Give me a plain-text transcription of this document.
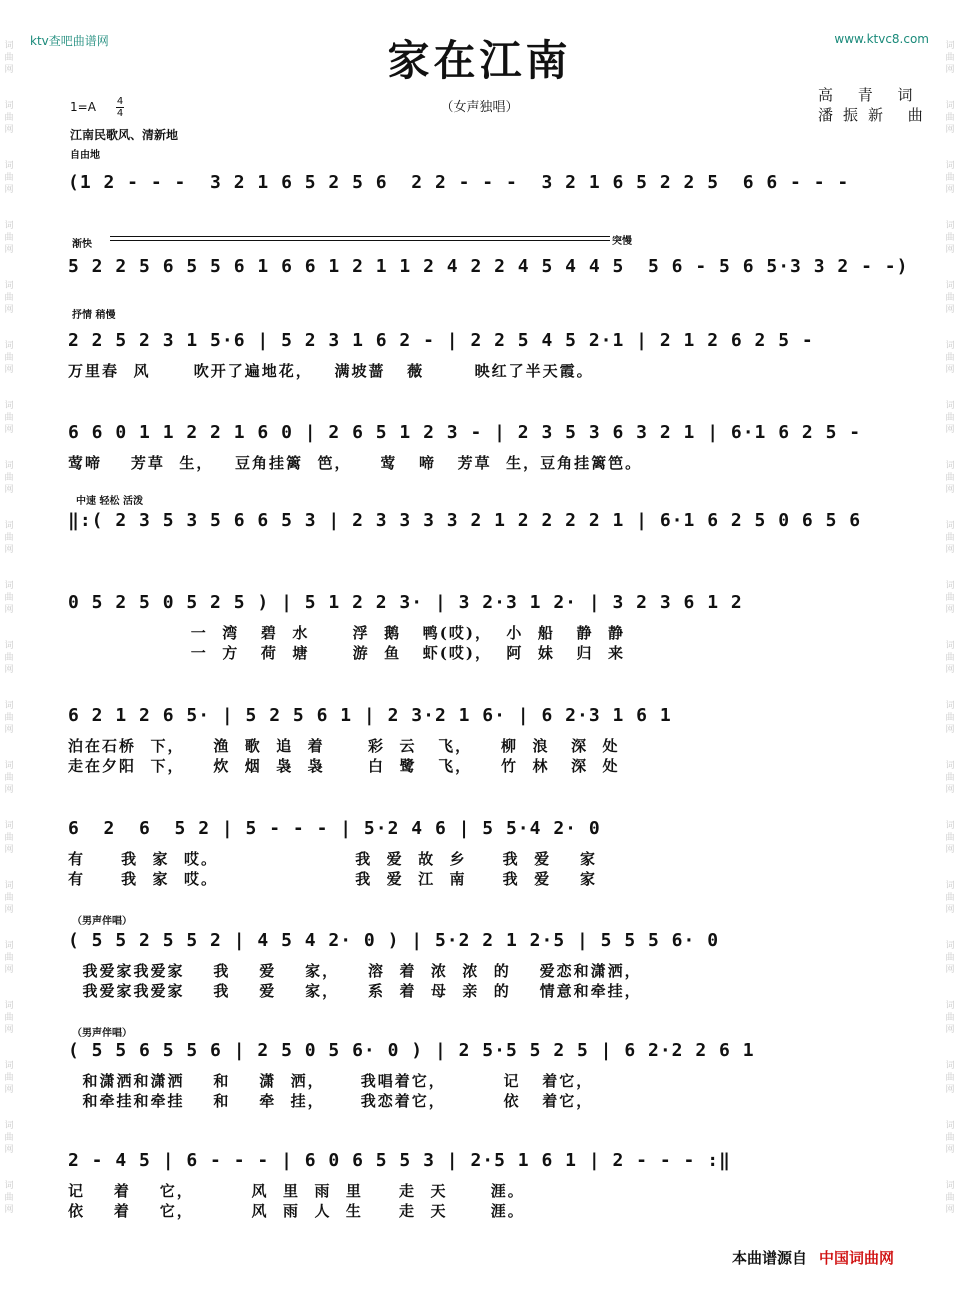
ktv查吧曲谱网	www.ktvc8.com
词
曲
网

词
曲
网

词
曲
网

词
曲
网

词
曲
网

词
曲
网

词
曲
网

词
曲
网

词
曲
网

词
曲
网

词
曲
网

词
曲
网

词
曲
网

词
曲
网

词
曲
网

词
曲
网

词
曲
网

词
曲
网

词
曲
网

词
曲
网

词
曲
网

词
曲
网

词
曲
网

词
曲
网

词
曲
网

词
曲
网

词
曲
网

词
曲
网

词
曲
网

词
曲
网

词
曲
网

词
曲
网

词
曲
网

词
曲
网

词
曲
网

词
曲
网

词
曲
网

词
曲
网

词
曲
网

词
曲
网

家在江南
（女声独唱）
高 青 词
潘振新 曲
1=A 4
4
江南民歌风、清新地
自由地
渐快	突慢
抒情 稍慢
中速 轻松 活泼
（男声伴唱）
（男声伴唱）
(1 2 - - -  3 2 1 6 5 2 5 6  2 2 - - -  3 2 1 6 5 2 2 5  6 6 - - -
5 2 2 5 6 5 5 6 1 6 6 1 2 1 1 2 4 2 2 4 5 4 4 5  5 6 - 5 6 5·3 3 2 - -)
2 2 5 2 3 1 5·6 | 5 2 3 1 6 2 - | 2 2 5 4 5 2·1 | 2 1 2 6 2 5 -
万里春  风      吹开了遍地花，   满坡蔷   薇       映红了半天霞。
6 6 0 1 1 2 2 1 6 0 | 2 6 5 1 2 3 - | 2 3 5 3 6 3 2 1 | 6·1 6 2 5 -
莺啼    芳草  生，   豆角挂篱  笆，    莺   啼   芳草  生，豆角挂篱笆。
‖:( 2 3 5 3 5 6 6 5 3 | 2 3 3 3 3 2 1 2 2 2 2 1 | 6·1 6 2 5 0 6 5 6
0 5 2 5 0 5 2 5 ) | 5 1 2 2 3· | 3 2·3 1 2· | 3 2 3 6 1 2
一  湾   碧  水      浮  鹅   鸭(哎)，  小  船   静  静
一  方   荷  塘      游  鱼   虾(哎)，  阿  妹   归  来
6 2 1 2 6 5· | 5 2 5 6 1 | 2 3·2 1 6· | 6 2·3 1 6 1
泊在石桥  下，    渔  歌  追  着      彩  云   飞，    柳  浪   深  处
走在夕阳  下，    炊  烟  袅  袅      白  鹭   飞，    竹  林   深  处
6  2  6  5 2 | 5 - - - | 5·2 4 6 | 5 5·4 2· 0
有     我  家  哎。                   我  爱  故  乡     我  爱    家
有     我  家  哎。                   我  爱  江  南     我  爱    家
( 5 5 2 5 5 2 | 4 5 4 2· 0 ) | 5·2 2 1 2·5 | 5 5 5 6· 0
我爱家我爱家    我    爱    家，    溶  着  浓  浓  的    爱恋和潇洒，
我爱家我爱家    我    爱    家，    系  着  母  亲  的    情意和牵挂，
( 5 5 6 5 5 6 | 2 5 0 5 6· 0 ) | 2 5·5 5 2 5 | 6 2·2 2 6 1
和潇洒和潇洒    和    潇  洒，     我唱着它，        记   着它，
和牵挂和牵挂    和    牵  挂，     我恋着它，        依   着它，
2 - 4 5 | 6 - - - | 6 0 6 5 5 3 | 2·5 1 6 1 | 2 - - - :‖
记    着    它，        风  里  雨  里     走  天      涯。
依    着    它，        风  雨  人  生     走  天      涯。
本曲谱源自 中国词曲网
